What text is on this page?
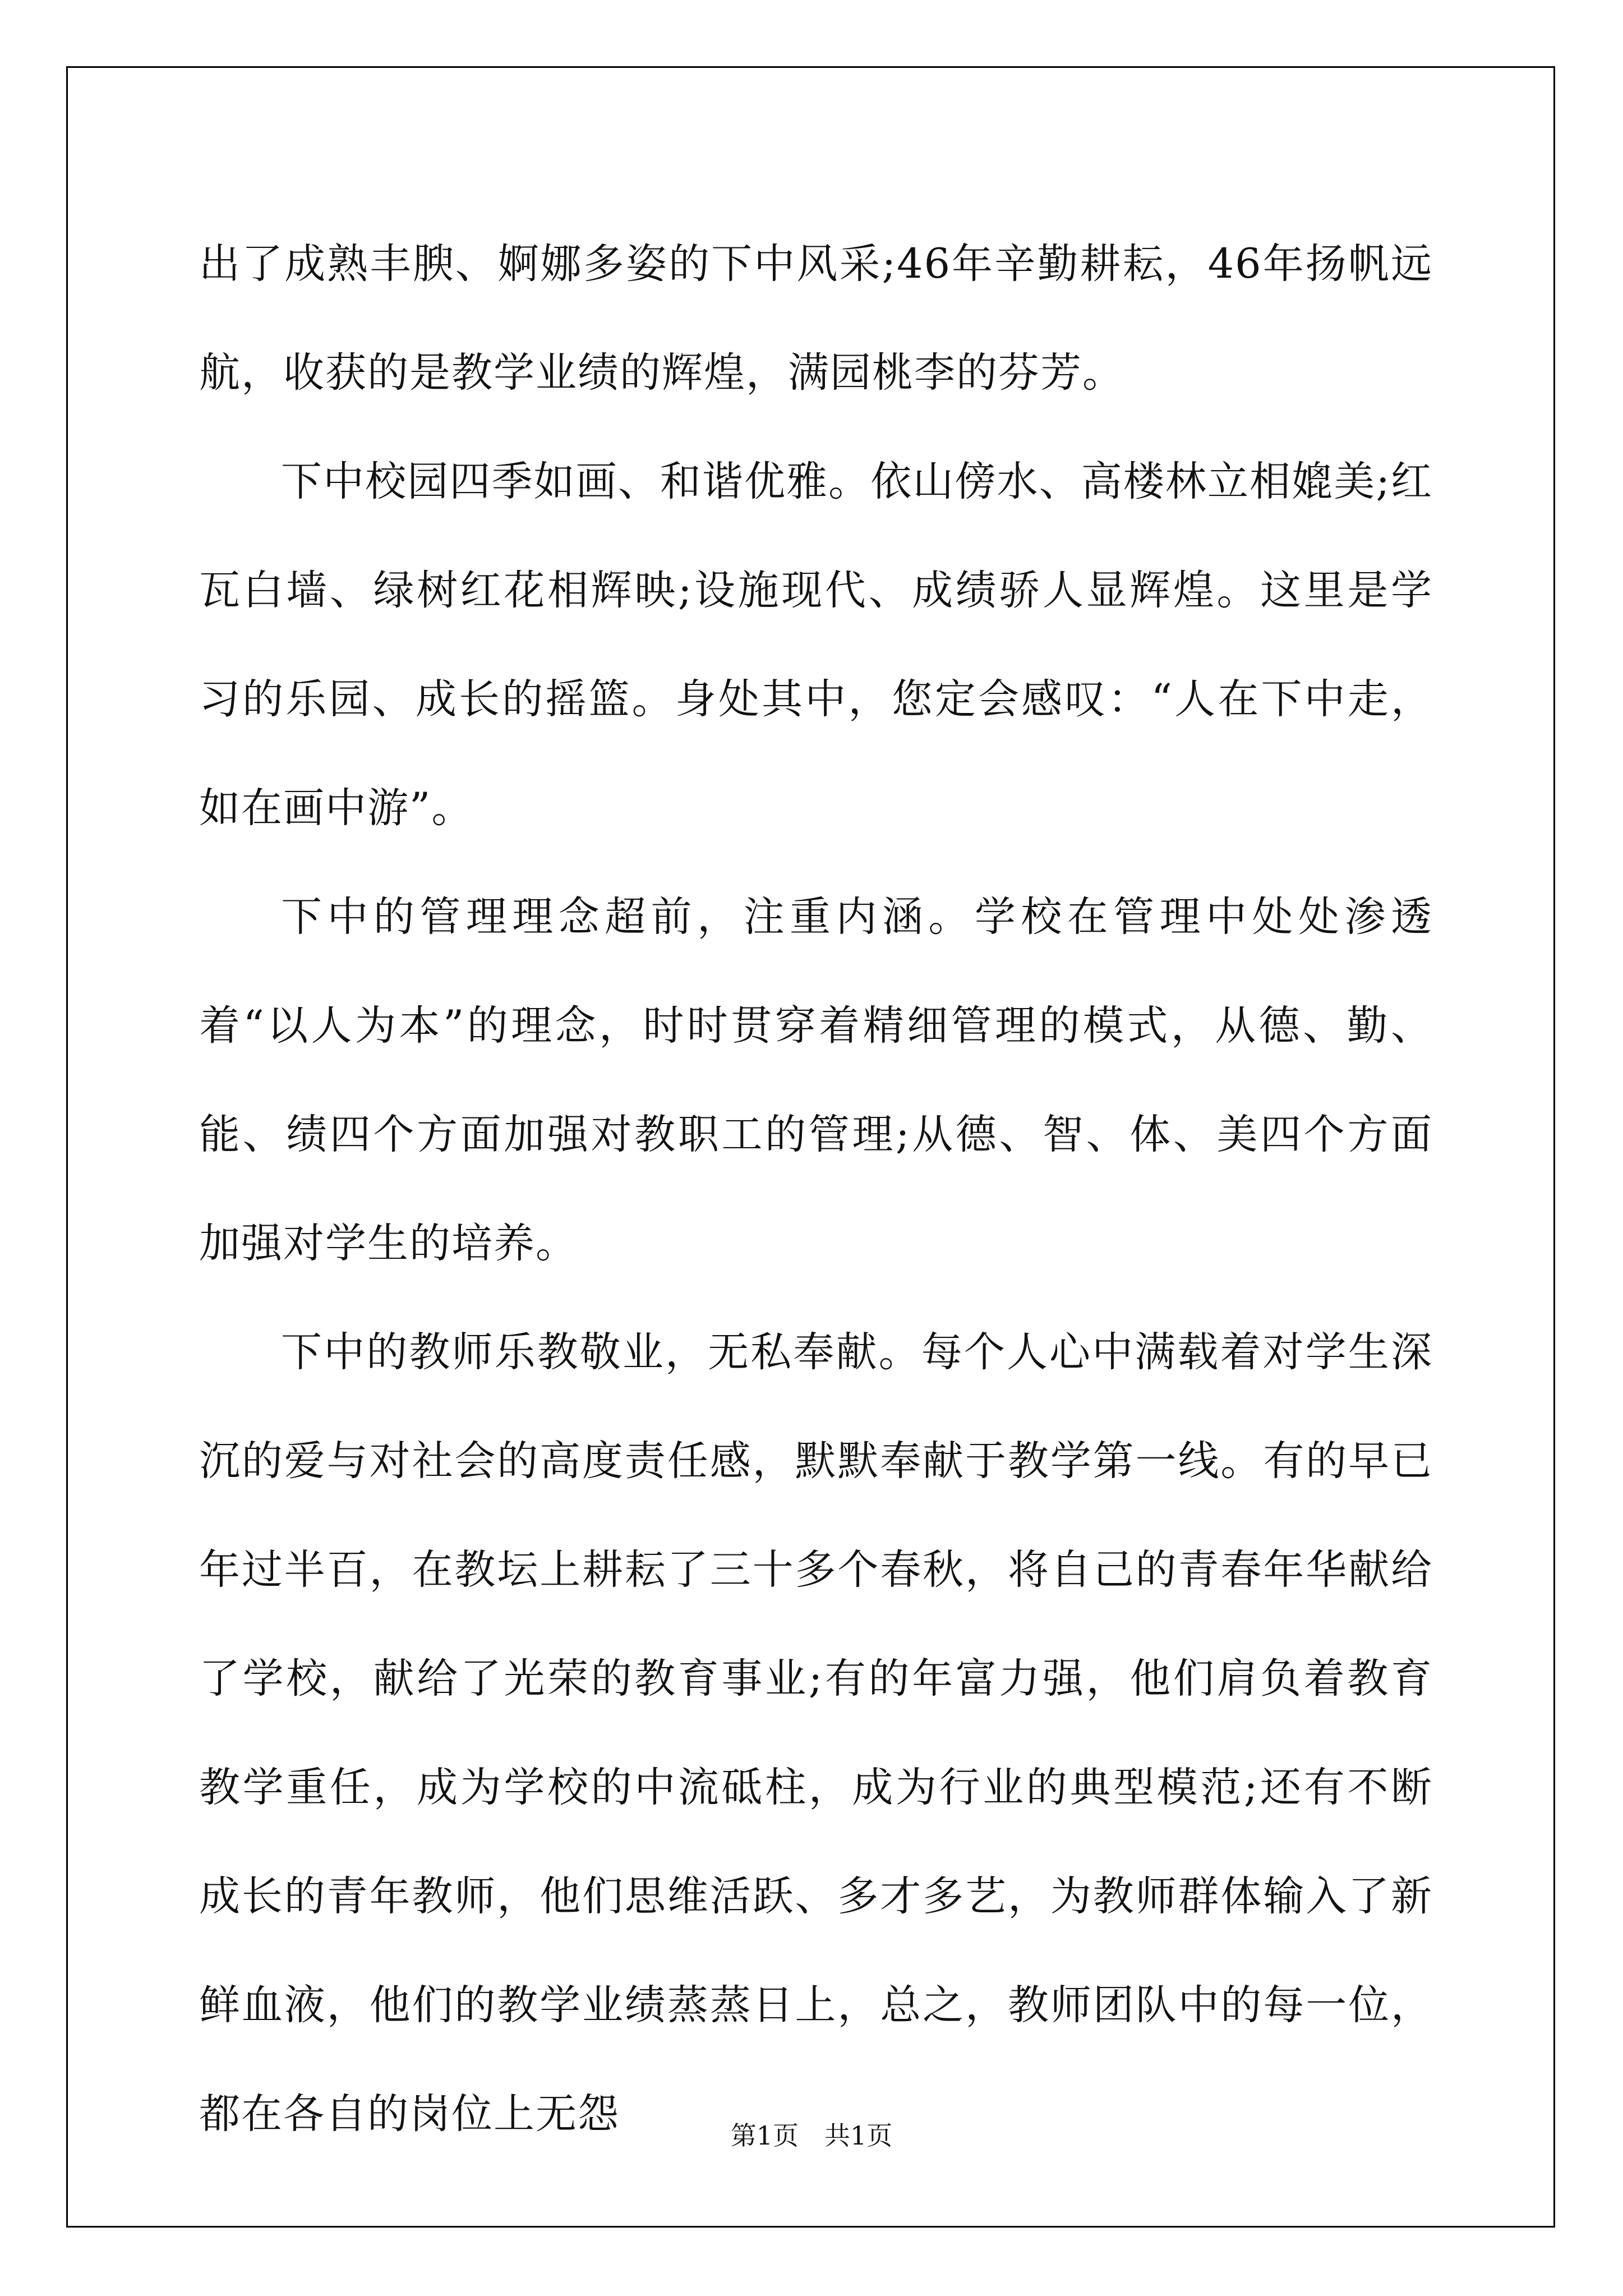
出了成熟丰腴、婀娜多姿的下中风采;46年辛勤耕耘，46年扬帆远航，收获的是教学业绩的辉煌，满园桃李的芬芳。

下中校园四季如画、和谐优雅。依山傍水、高楼林立相媲美;红瓦白墙、绿树红花相辉映;设施现代、成绩骄人显辉煌。这里是学习的乐园、成长的摇篮。身处其中，您定会感叹：“人在下中走，如在画中游”。

下中的管理理念超前，注重内涵。学校在管理中处处渗透着“以人为本”的理念，时时贯穿着精细管理的模式，从德、勤、能、绩四个方面加强对教职工的管理;从德、智、体、美四个方面加强对学生的培养。

下中的教师乐教敬业，无私奉献。每个人心中满载着对学生深沉的爱与对社会的高度责任感，默默奉献于教学第一线。有的早已年过半百，在教坛上耕耘了三十多个春秋，将自己的青春年华献给了学校，献给了光荣的教育事业;有的年富力强，他们肩负着教育教学重任，成为学校的中流砥柱，成为行业的典型模范;还有不断成长的青年教师，他们思维活跃、多才多艺，为教师群体输入了新鲜血液，他们的教学业绩蒸蒸日上，总之，教师团队中的每一位，都在各自的岗位上无怨	第1页　共1页
